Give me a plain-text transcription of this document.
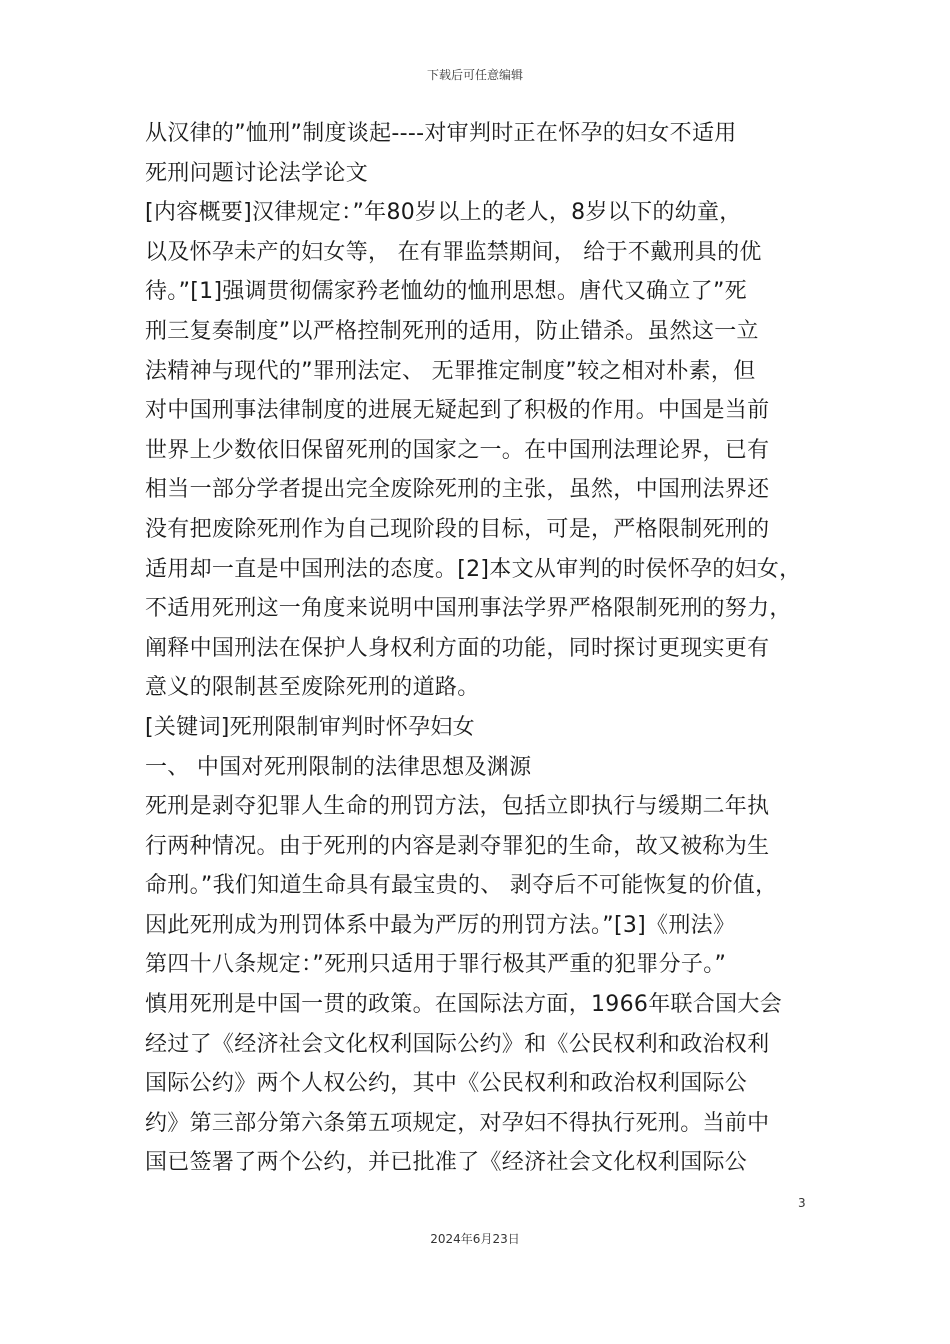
下载后可任意编辑
从汉律的”恤刑”制度谈起----对审判时正在怀孕的妇女不适用
死刑问题讨论法学论文
[内容概要]汉律规定：”年80岁以上的老人，8岁以下的幼童，
以及怀孕未产的妇女等， 在有罪监禁期间， 给于不戴刑具的优
待。”[1]强调贯彻儒家矜老恤幼的恤刑思想。唐代又确立了”死
刑三复奏制度”以严格控制死刑的适用，防止错杀。虽然这一立
法精神与现代的”罪刑法定、 无罪推定制度”较之相对朴素，但
对中国刑事法律制度的进展无疑起到了积极的作用。中国是当前
世界上少数依旧保留死刑的国家之一。在中国刑法理论界，已有
相当一部分学者提出完全废除死刑的主张，虽然，中国刑法界还
没有把废除死刑作为自己现阶段的目标，可是，严格限制死刑的
适用却一直是中国刑法的态度。[2]本文从审判的时侯怀孕的妇女，
不适用死刑这一角度来说明中国刑事法学界严格限制死刑的努力，
阐释中国刑法在保护人身权利方面的功能，同时探讨更现实更有
意义的限制甚至废除死刑的道路。
[关键词]死刑限制审判时怀孕妇女
一、 中国对死刑限制的法律思想及渊源
死刑是剥夺犯罪人生命的刑罚方法，包括立即执行与缓期二年执
行两种情况。由于死刑的内容是剥夺罪犯的生命，故又被称为生
命刑。”我们知道生命具有最宝贵的、 剥夺后不可能恢复的价值，
因此死刑成为刑罚体系中最为严厉的刑罚方法。”[3]《刑法》
第四十八条规定：”死刑只适用于罪行极其严重的犯罪分子。”
慎用死刑是中国一贯的政策。在国际法方面，1966年联合国大会
经过了《经济社会文化权利国际公约》和《公民权利和政治权利
国际公约》两个人权公约，其中《公民权利和政治权利国际公
约》第三部分第六条第五项规定，对孕妇不得执行死刑。当前中
国已签署了两个公约，并已批准了《经济社会文化权利国际公
3
2024年6月23日
